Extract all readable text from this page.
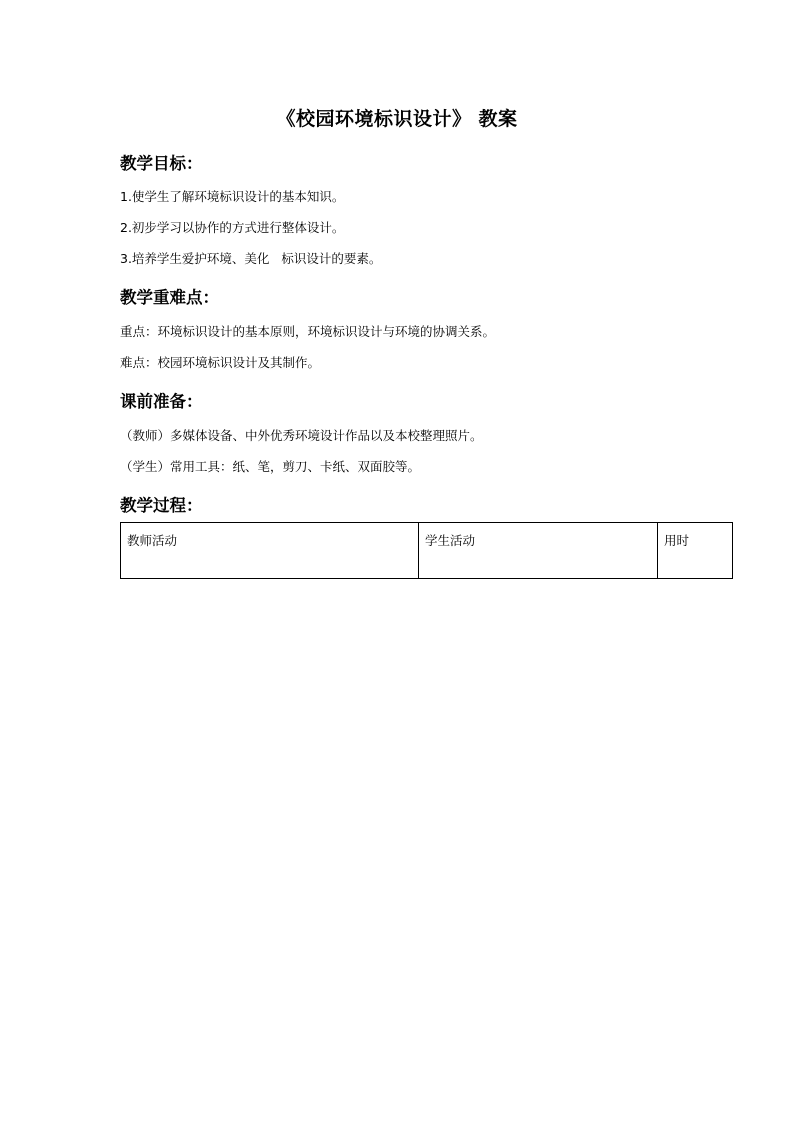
《校园环境标识设计》 教案
教学目标：
1.使学生了解环境标识设计的基本知识。
2.初步学习以协作的方式进行整体设计。
3.培养学生爱护环境、美化   标识设计的要素。
教学重难点：
重点：环境标识设计的基本原则，环境标识设计与环境的协调关系。
难点：校园环境标识设计及其制作。
课前准备：
（教师）多媒体设备、中外优秀环境设计作品以及本校整理照片。
（学生）常用工具：纸、笔，剪刀、卡纸、双面胶等。
教学过程：
教师活动	学生活动	用时
